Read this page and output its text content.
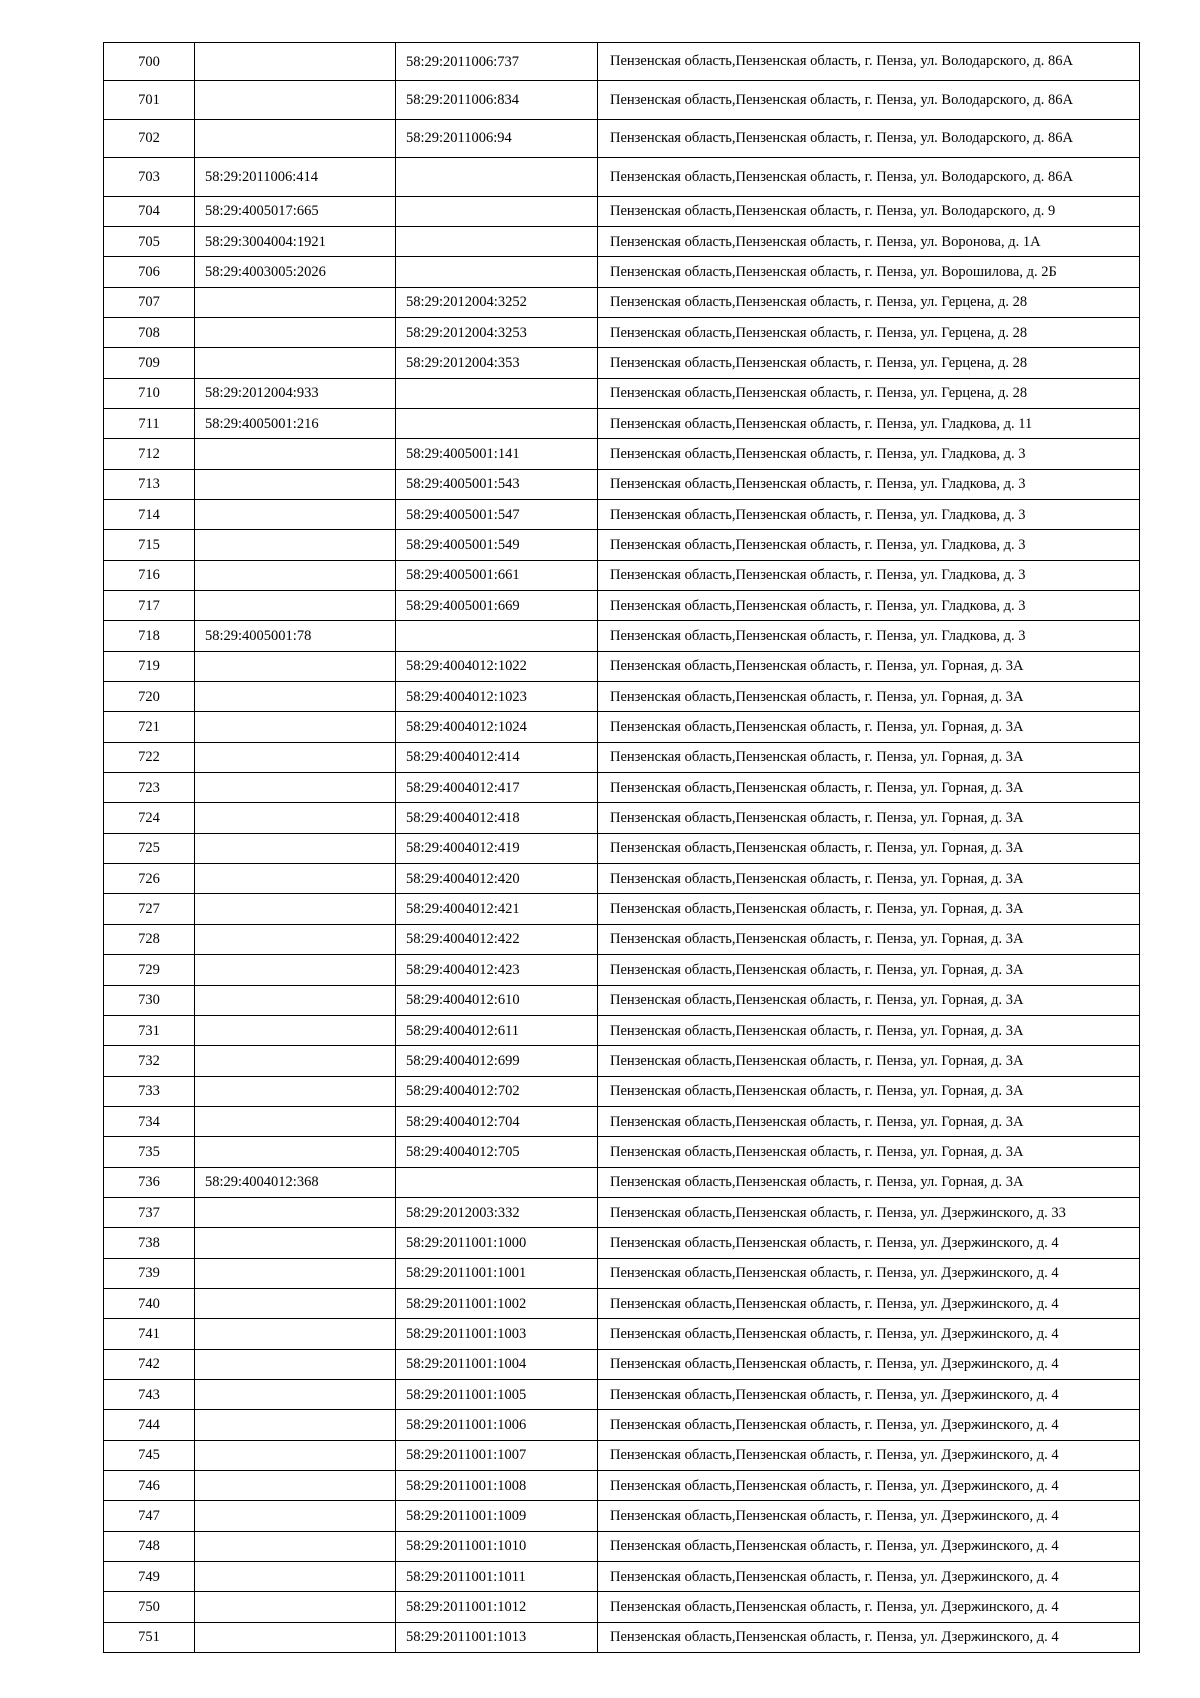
700		58:29:2011006:737	Пензенская область,Пензенская область, г. Пенза, ул. Володарского, д. 86А
701		58:29:2011006:834	Пензенская область,Пензенская область, г. Пенза, ул. Володарского, д. 86А
702		58:29:2011006:94	Пензенская область,Пензенская область, г. Пенза, ул. Володарского, д. 86А
703	58:29:2011006:414		Пензенская область,Пензенская область, г. Пенза, ул. Володарского, д. 86А
704	58:29:4005017:665		Пензенская область,Пензенская область, г. Пенза, ул. Володарского, д. 9
705	58:29:3004004:1921		Пензенская область,Пензенская область, г. Пенза, ул. Воронова, д. 1А
706	58:29:4003005:2026		Пензенская область,Пензенская область, г. Пенза, ул. Ворошилова, д. 2Б
707		58:29:2012004:3252	Пензенская область,Пензенская область, г. Пенза, ул. Герцена, д. 28
708		58:29:2012004:3253	Пензенская область,Пензенская область, г. Пенза, ул. Герцена, д. 28
709		58:29:2012004:353	Пензенская область,Пензенская область, г. Пенза, ул. Герцена, д. 28
710	58:29:2012004:933		Пензенская область,Пензенская область, г. Пенза, ул. Герцена, д. 28
711	58:29:4005001:216		Пензенская область,Пензенская область, г. Пенза, ул. Гладкова, д. 11
712		58:29:4005001:141	Пензенская область,Пензенская область, г. Пенза, ул. Гладкова, д. 3
713		58:29:4005001:543	Пензенская область,Пензенская область, г. Пенза, ул. Гладкова, д. 3
714		58:29:4005001:547	Пензенская область,Пензенская область, г. Пенза, ул. Гладкова, д. 3
715		58:29:4005001:549	Пензенская область,Пензенская область, г. Пенза, ул. Гладкова, д. 3
716		58:29:4005001:661	Пензенская область,Пензенская область, г. Пенза, ул. Гладкова, д. 3
717		58:29:4005001:669	Пензенская область,Пензенская область, г. Пенза, ул. Гладкова, д. 3
718	58:29:4005001:78		Пензенская область,Пензенская область, г. Пенза, ул. Гладкова, д. 3
719		58:29:4004012:1022	Пензенская область,Пензенская область, г. Пенза, ул. Горная, д. 3А
720		58:29:4004012:1023	Пензенская область,Пензенская область, г. Пенза, ул. Горная, д. 3А
721		58:29:4004012:1024	Пензенская область,Пензенская область, г. Пенза, ул. Горная, д. 3А
722		58:29:4004012:414	Пензенская область,Пензенская область, г. Пенза, ул. Горная, д. 3А
723		58:29:4004012:417	Пензенская область,Пензенская область, г. Пенза, ул. Горная, д. 3А
724		58:29:4004012:418	Пензенская область,Пензенская область, г. Пенза, ул. Горная, д. 3А
725		58:29:4004012:419	Пензенская область,Пензенская область, г. Пенза, ул. Горная, д. 3А
726		58:29:4004012:420	Пензенская область,Пензенская область, г. Пенза, ул. Горная, д. 3А
727		58:29:4004012:421	Пензенская область,Пензенская область, г. Пенза, ул. Горная, д. 3А
728		58:29:4004012:422	Пензенская область,Пензенская область, г. Пенза, ул. Горная, д. 3А
729		58:29:4004012:423	Пензенская область,Пензенская область, г. Пенза, ул. Горная, д. 3А
730		58:29:4004012:610	Пензенская область,Пензенская область, г. Пенза, ул. Горная, д. 3А
731		58:29:4004012:611	Пензенская область,Пензенская область, г. Пенза, ул. Горная, д. 3А
732		58:29:4004012:699	Пензенская область,Пензенская область, г. Пенза, ул. Горная, д. 3А
733		58:29:4004012:702	Пензенская область,Пензенская область, г. Пенза, ул. Горная, д. 3А
734		58:29:4004012:704	Пензенская область,Пензенская область, г. Пенза, ул. Горная, д. 3А
735		58:29:4004012:705	Пензенская область,Пензенская область, г. Пенза, ул. Горная, д. 3А
736	58:29:4004012:368		Пензенская область,Пензенская область, г. Пенза, ул. Горная, д. 3А
737		58:29:2012003:332	Пензенская область,Пензенская область, г. Пенза, ул. Дзержинского, д. 33
738		58:29:2011001:1000	Пензенская область,Пензенская область, г. Пенза, ул. Дзержинского, д. 4
739		58:29:2011001:1001	Пензенская область,Пензенская область, г. Пенза, ул. Дзержинского, д. 4
740		58:29:2011001:1002	Пензенская область,Пензенская область, г. Пенза, ул. Дзержинского, д. 4
741		58:29:2011001:1003	Пензенская область,Пензенская область, г. Пенза, ул. Дзержинского, д. 4
742		58:29:2011001:1004	Пензенская область,Пензенская область, г. Пенза, ул. Дзержинского, д. 4
743		58:29:2011001:1005	Пензенская область,Пензенская область, г. Пенза, ул. Дзержинского, д. 4
744		58:29:2011001:1006	Пензенская область,Пензенская область, г. Пенза, ул. Дзержинского, д. 4
745		58:29:2011001:1007	Пензенская область,Пензенская область, г. Пенза, ул. Дзержинского, д. 4
746		58:29:2011001:1008	Пензенская область,Пензенская область, г. Пенза, ул. Дзержинского, д. 4
747		58:29:2011001:1009	Пензенская область,Пензенская область, г. Пенза, ул. Дзержинского, д. 4
748		58:29:2011001:1010	Пензенская область,Пензенская область, г. Пенза, ул. Дзержинского, д. 4
749		58:29:2011001:1011	Пензенская область,Пензенская область, г. Пенза, ул. Дзержинского, д. 4
750		58:29:2011001:1012	Пензенская область,Пензенская область, г. Пенза, ул. Дзержинского, д. 4
751		58:29:2011001:1013	Пензенская область,Пензенская область, г. Пенза, ул. Дзержинского, д. 4
